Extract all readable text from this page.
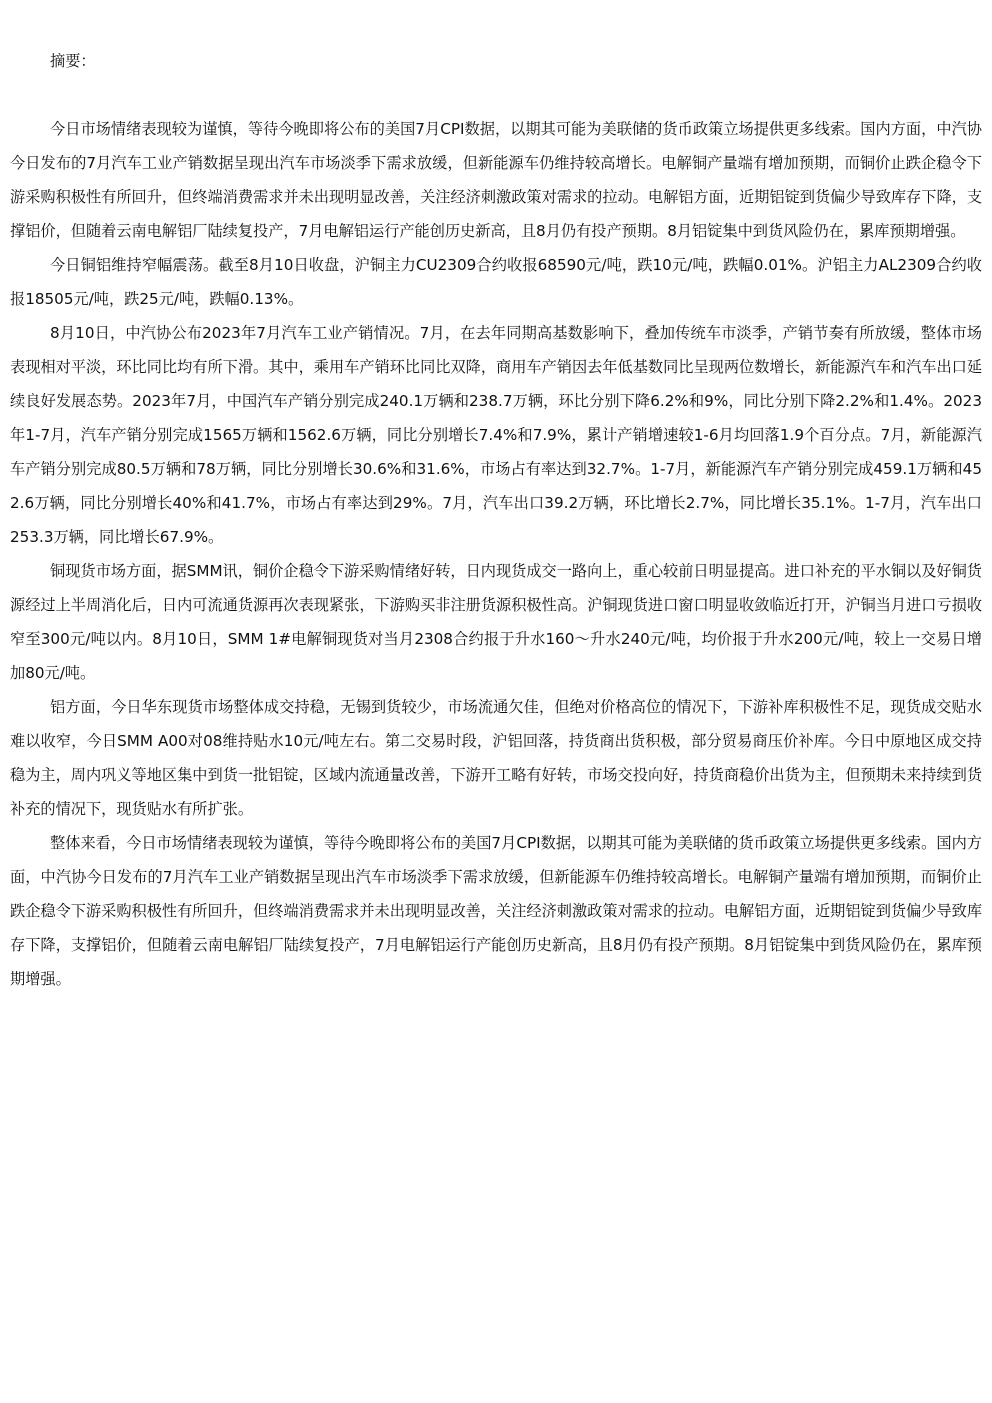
摘要：

今日市场情绪表现较为谨慎，等待今晚即将公布的美国7月CPI数据，以期其可能为美联储的货币政策立场提供更多线索。国内方面，中汽协今日发布的7月汽车工业产销数据呈现出汽车市场淡季下需求放缓，但新能源车仍维持较高增长。电解铜产量端有增加预期，而铜价止跌企稳令下游采购积极性有所回升，但终端消费需求并未出现明显改善，关注经济刺激政策对需求的拉动。电解铝方面，近期铝锭到货偏少导致库存下降，支撑铝价，但随着云南电解铝厂陆续复投产，7月电解铝运行产能创历史新高，且8月仍有投产预期。8月铝锭集中到货风险仍在，累库预期增强。

今日铜铝维持窄幅震荡。截至8月10日收盘，沪铜主力CU2309合约收报68590元/吨，跌10元/吨，跌幅0.01%。沪铝主力AL2309合约收报18505元/吨，跌25元/吨，跌幅0.13%。

8月10日，中汽协公布2023年7月汽车工业产销情况。7月，在去年同期高基数影响下，叠加传统车市淡季，产销节奏有所放缓，整体市场表现相对平淡，环比同比均有所下滑。其中，乘用车产销环比同比双降，商用车产销因去年低基数同比呈现两位数增长，新能源汽车和汽车出口延续良好发展态势。2023年7月，中国汽车产销分别完成240.1万辆和238.7万辆，环比分别下降6.2%和9%，同比分别下降2.2%和1.4%。2023年1-7月，汽车产销分别完成1565万辆和1562.6万辆，同比分别增长7.4%和7.9%，累计产销增速较1-6月均回落1.9个百分点。7月，新能源汽车产销分别完成80.5万辆和78万辆，同比分别增长30.6%和31.6%，市场占有率达到32.7%。1-7月，新能源汽车产销分别完成459.1万辆和452.6万辆，同比分别增长40%和41.7%，市场占有率达到29%。7月，汽车出口39.2万辆，环比增长2.7%，同比增长35.1%。1-7月，汽车出口253.3万辆，同比增长67.9%。

铜现货市场方面，据SMM讯，铜价企稳令下游采购情绪好转，日内现货成交一路向上，重心较前日明显提高。进口补充的平水铜以及好铜货源经过上半周消化后，日内可流通货源再次表现紧张，下游购买非注册货源积极性高。沪铜现货进口窗口明显收敛临近打开，沪铜当月进口亏损收窄至300元/吨以内。8月10日，SMM 1#电解铜现货对当月2308合约报于升水160～升水240元/吨，均价报于升水200元/吨，较上一交易日增加80元/吨。

铝方面，今日华东现货市场整体成交持稳，无锡到货较少，市场流通欠佳，但绝对价格高位的情况下，下游补库积极性不足，现货成交贴水难以收窄，今日SMM A00对08维持贴水10元/吨左右。第二交易时段，沪铝回落，持货商出货积极，部分贸易商压价补库。今日中原地区成交持稳为主，周内巩义等地区集中到货一批铝锭，区域内流通量改善，下游开工略有好转，市场交投向好，持货商稳价出货为主，但预期未来持续到货补充的情况下，现货贴水有所扩张。

整体来看，今日市场情绪表现较为谨慎，等待今晚即将公布的美国7月CPI数据，以期其可能为美联储的货币政策立场提供更多线索。国内方面，中汽协今日发布的7月汽车工业产销数据呈现出汽车市场淡季下需求放缓，但新能源车仍维持较高增长。电解铜产量端有增加预期，而铜价止跌企稳令下游采购积极性有所回升，但终端消费需求并未出现明显改善，关注经济刺激政策对需求的拉动。电解铝方面，近期铝锭到货偏少导致库存下降，支撑铝价，但随着云南电解铝厂陆续复投产，7月电解铝运行产能创历史新高，且8月仍有投产预期。8月铝锭集中到货风险仍在，累库预期增强。
